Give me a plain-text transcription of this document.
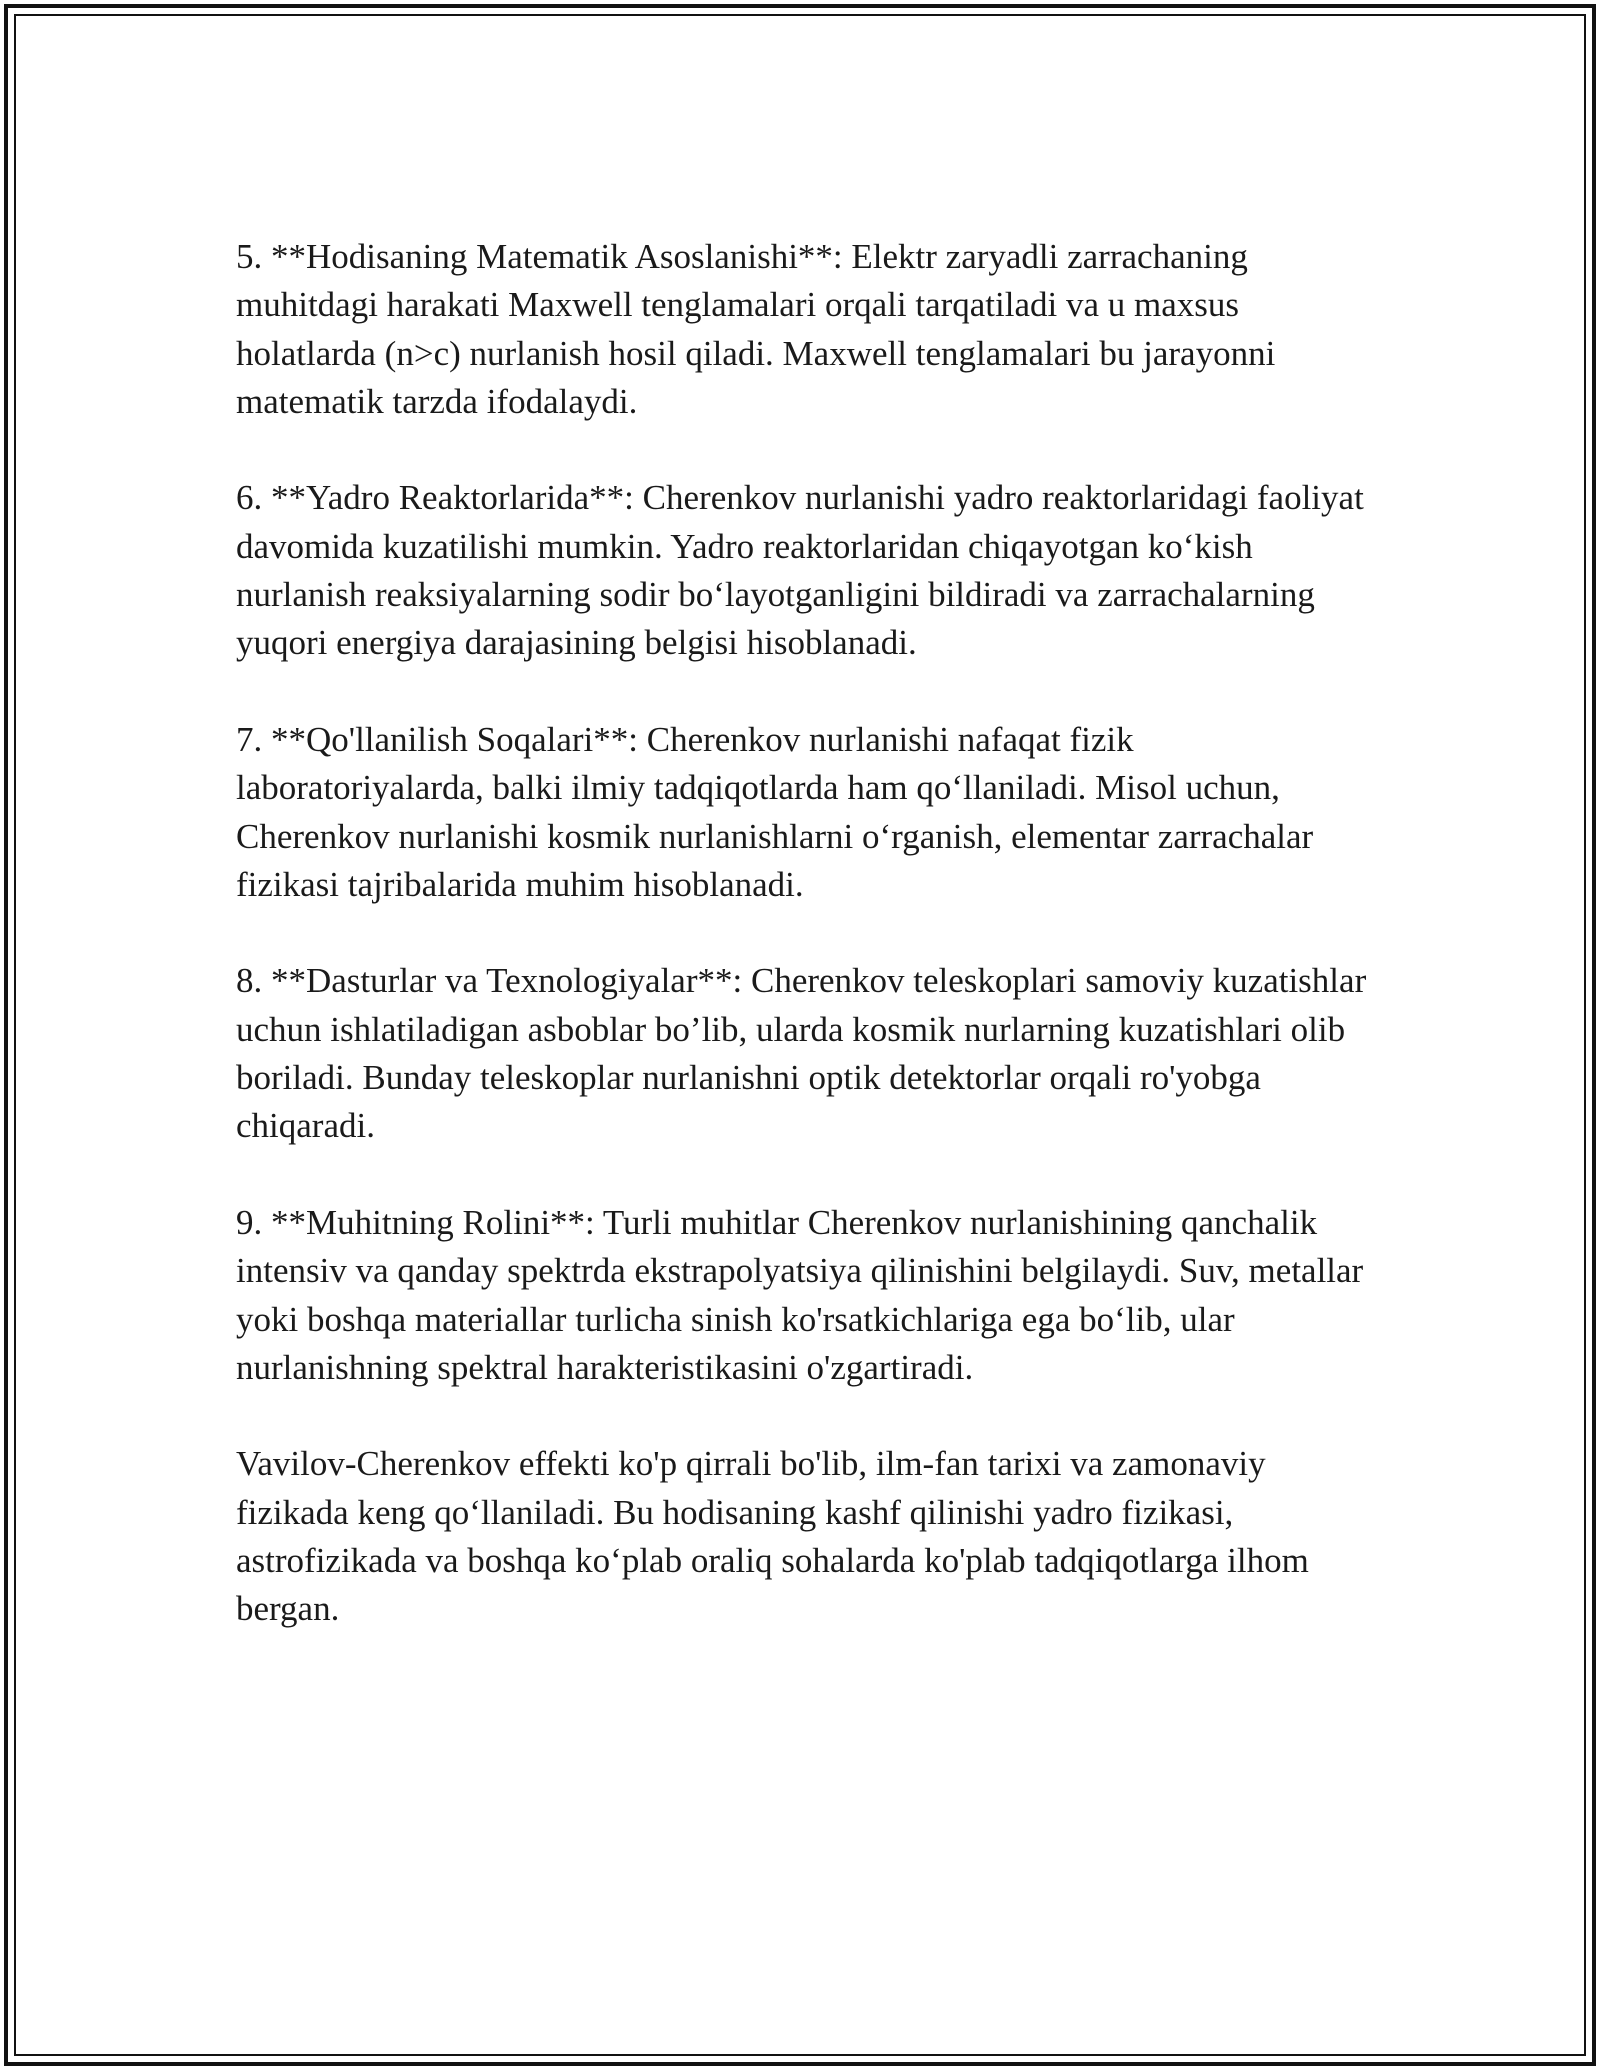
5. **Hodisaning Matematik Asoslanishi**: Elektr zaryadli zarrachaning muhitdagi harakati Maxwell tenglamalari orqali tarqatiladi va u maxsus holatlarda (n>c) nurlanish hosil qiladi. Maxwell tenglamalari bu jarayonni matematik tarzda ifodalaydi.

6. **Yadro Reaktorlarida**: Cherenkov nurlanishi yadro reaktorlaridagi faoliyat davomida kuzatilishi mumkin. Yadro reaktorlaridan chiqayotgan ko‘kish nurlanish reaksiyalarning sodir bo‘layotganligini bildiradi va zarrachalarning yuqori energiya darajasining belgisi hisoblanadi.

7. **Qo'llanilish Soqalari**: Cherenkov nurlanishi nafaqat fizik laboratoriyalarda, balki ilmiy tadqiqotlarda ham qo‘llaniladi. Misol uchun, Cherenkov nurlanishi kosmik nurlanishlarni o‘rganish, elementar zarrachalar fizikasi tajribalarida muhim hisoblanadi.

8. **Dasturlar va Texnologiyalar**: Cherenkov teleskoplari samoviy kuzatishlar uchun ishlatiladigan asboblar bo’lib, ularda kosmik nurlarning kuzatishlari olib boriladi. Bunday teleskoplar nurlanishni optik detektorlar orqali ro'yobga chiqaradi.

9. **Muhitning Rolini**: Turli muhitlar Cherenkov nurlanishining qanchalik intensiv va qanday spektrda ekstrapolyatsiya qilinishini belgilaydi. Suv, metallar yoki boshqa materiallar turlicha sinish ko'rsatkichlariga ega bo‘lib, ular nurlanishning spektral harakteristikasini o'zgartiradi.

Vavilov-Cherenkov effekti ko'p qirrali bo'lib, ilm-fan tarixi va zamonaviy fizikada keng qo‘llaniladi. Bu hodisaning kashf qilinishi yadro fizikasi, astrofizikada va boshqa ko‘plab oraliq sohalarda ko'plab tadqiqotlarga ilhom bergan.
